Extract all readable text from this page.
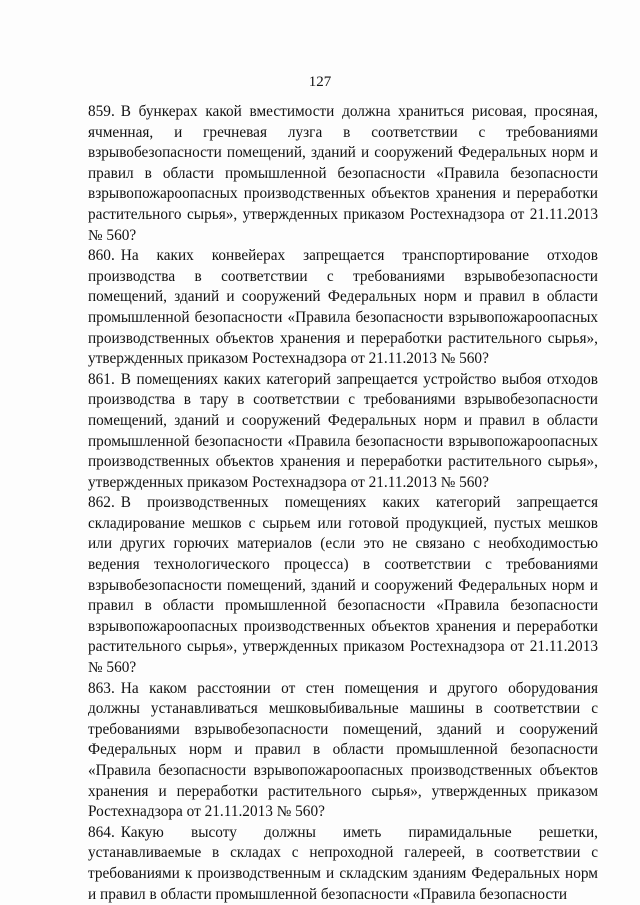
127

859. В бункерах какой вместимости должна храниться рисовая, просяная, ячменная, и гречневая лузга в соответствии с требованиями взрывобезопасности помещений, зданий и сооружений Федеральных норм и правил в области промышленной безопасности «Правила безопасности взрывопожароопасных производственных объектов хранения и переработки растительного сырья», утвержденных приказом Ростехнадзора от 21.11.2013 № 560?

860. На каких конвейерах запрещается транспортирование отходов производства в соответствии с требованиями взрывобезопасности помещений, зданий и сооружений Федеральных норм и правил в области промышленной безопасности «Правила безопасности взрывопожароопасных производственных объектов хранения и переработки растительного сырья», утвержденных приказом Ростехнадзора от 21.11.2013 № 560?

861. В помещениях каких категорий запрещается устройство выбоя отходов производства в тару в соответствии с требованиями взрывобезопасности помещений, зданий и сооружений Федеральных норм и правил в области промышленной безопасности «Правила безопасности взрывопожароопасных производственных объектов хранения и переработки растительного сырья», утвержденных приказом Ростехнадзора от 21.11.2013 № 560?

862. В производственных помещениях каких категорий запрещается складирование мешков с сырьем или готовой продукцией, пустых мешков или других горючих материалов (если это не связано с необходимостью ведения технологического процесса) в соответствии с требованиями взрывобезопасности помещений, зданий и сооружений Федеральных норм и правил в области промышленной безопасности «Правила безопасности взрывопожароопасных производственных объектов хранения и переработки растительного сырья», утвержденных приказом Ростехнадзора от 21.11.2013 № 560?

863. На каком расстоянии от стен помещения и другого оборудования должны устанавливаться мешковыбивальные машины в соответствии с требованиями взрывобезопасности помещений, зданий и сооружений Федеральных норм и правил в области промышленной безопасности «Правила безопасности взрывопожароопасных производственных объектов хранения и переработки растительного сырья», утвержденных приказом Ростехнадзора от 21.11.2013 № 560?

864. Какую высоту должны иметь пирамидальные решетки, устанавливаемые в складах с непроходной галереей, в соответствии с требованиями к производственным и складским зданиям Федеральных норм и правил в области промышленной безопасности «Правила безопасности
